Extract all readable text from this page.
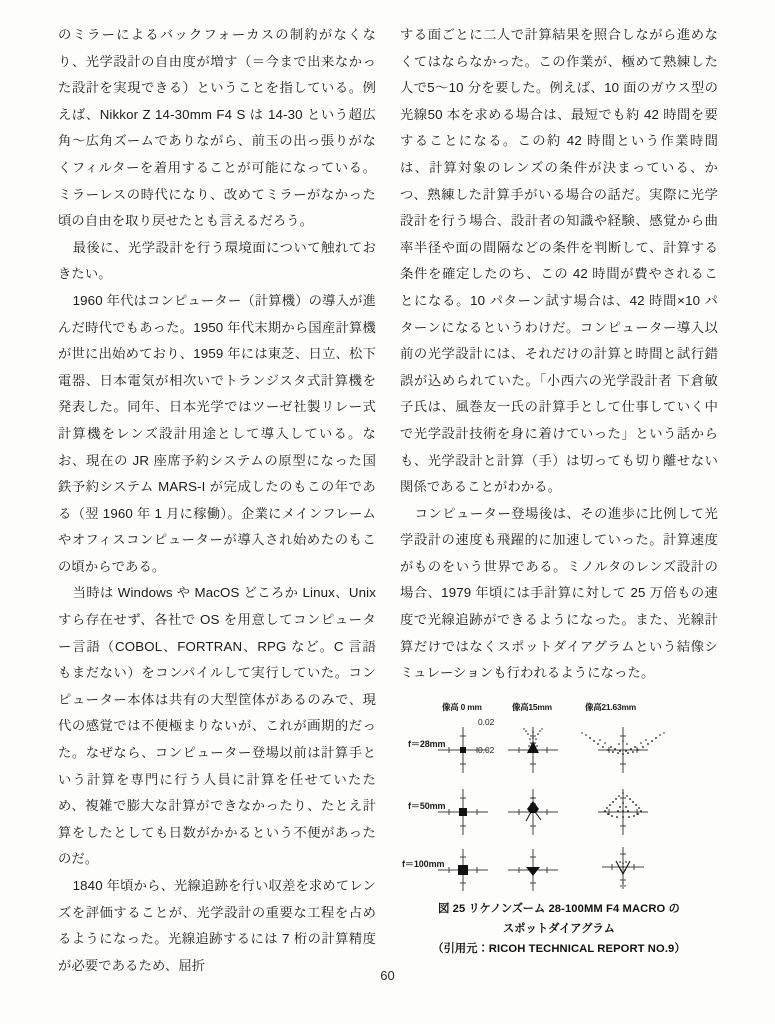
のミラーによるバックフォーカスの制約がなくなり、光学設計の自由度が増す（＝今まで出来なかった設計を実現できる）ということを指している。例えば、Nikkor Z 14-30mm F4 S は 14-30 という超広角〜広角ズームでありながら、前玉の出っ張りがなくフィルターを着用することが可能になっている。ミラーレスの時代になり、改めてミラーがなかった頃の自由を取り戻せたとも言えるだろう。

最後に、光学設計を行う環境面について触れておきたい。

1960 年代はコンピューター（計算機）の導入が進んだ時代でもあった。1950 年代末期から国産計算機が世に出始めており、1959 年には東芝、日立、松下電器、日本電気が相次いでトランジスタ式計算機を発表した。同年、日本光学ではツーゼ社製リレー式計算機をレンズ設計用途として導入している。なお、現在の JR 座席予約システムの原型になった国鉄予約システム MARS-I が完成したのもこの年である（翌 1960 年 1 月に稼働）。企業にメインフレームやオフィスコンピューターが導入され始めたのもこの頃からである。

当時は Windows や MacOS どころか Linux、Unix すら存在せず、各社で OS を用意してコンピューター言語（COBOL、FORTRAN、RPG など。C 言語もまだない）をコンパイルして実行していた。コンピューター本体は共有の大型筐体があるのみで、現代の感覚では不便極まりないが、これが画期的だった。なぜなら、コンピューター登場以前は計算手という計算を専門に行う人員に計算を任せていたため、複雑で膨大な計算ができなかったり、たとえ計算をしたとしても日数がかかるという不便があったのだ。

1840 年頃から、光線追跡を行い収差を求めてレンズを評価することが、光学設計の重要な工程を占めるようになった。光線追跡するには 7 桁の計算精度が必要であるため、屈折

する面ごとに二人で計算結果を照合しながら進めなくてはならなかった。この作業が、極めて熟練した人で5〜10 分を要した。例えば、10 面のガウス型の光線50 本を求める場合は、最短でも約 42 時間を要することになる。この約 42 時間という作業時間は、計算対象のレンズの条件が決まっている、かつ、熟練した計算手がいる場合の話だ。実際に光学設計を行う場合、設計者の知識や経験、感覚から曲率半径や面の間隔などの条件を判断して、計算する条件を確定したのち、この 42 時間が費やされることになる。10 パターン試す場合は、42 時間×10 パターンになるというわけだ。コンピューター導入以前の光学設計には、それだけの計算と時間と試行錯誤が込められていた。「小西六の光学設計者 下倉敏子氏は、風巻友一氏の計算手として仕事していく中で光学設計技術を身に着けていった」という話からも、光学設計と計算（手）は切っても切り離せない関係であることがわかる。

コンピューター登場後は、その進歩に比例して光学設計の速度も飛躍的に加速していった。計算速度がものをいう世界である。ミノルタのレンズ設計の場合、1979 年頃には手計算に対して 25 万倍もの速度で光線追跡ができるようになった。また、光線計算だけではなくスポットダイアグラムという結像シミュレーションも行われるようになった。

像高 0 mm	像高15mm	像高21.63mm
f＝28mm
f＝50mm
f＝100mm
0.02
0.02
図 25 リケノンズーム 28-100MM F4 MACRO の
スポットダイアグラム
（引用元：RICOH TECHNICAL REPORT NO.9）
60
